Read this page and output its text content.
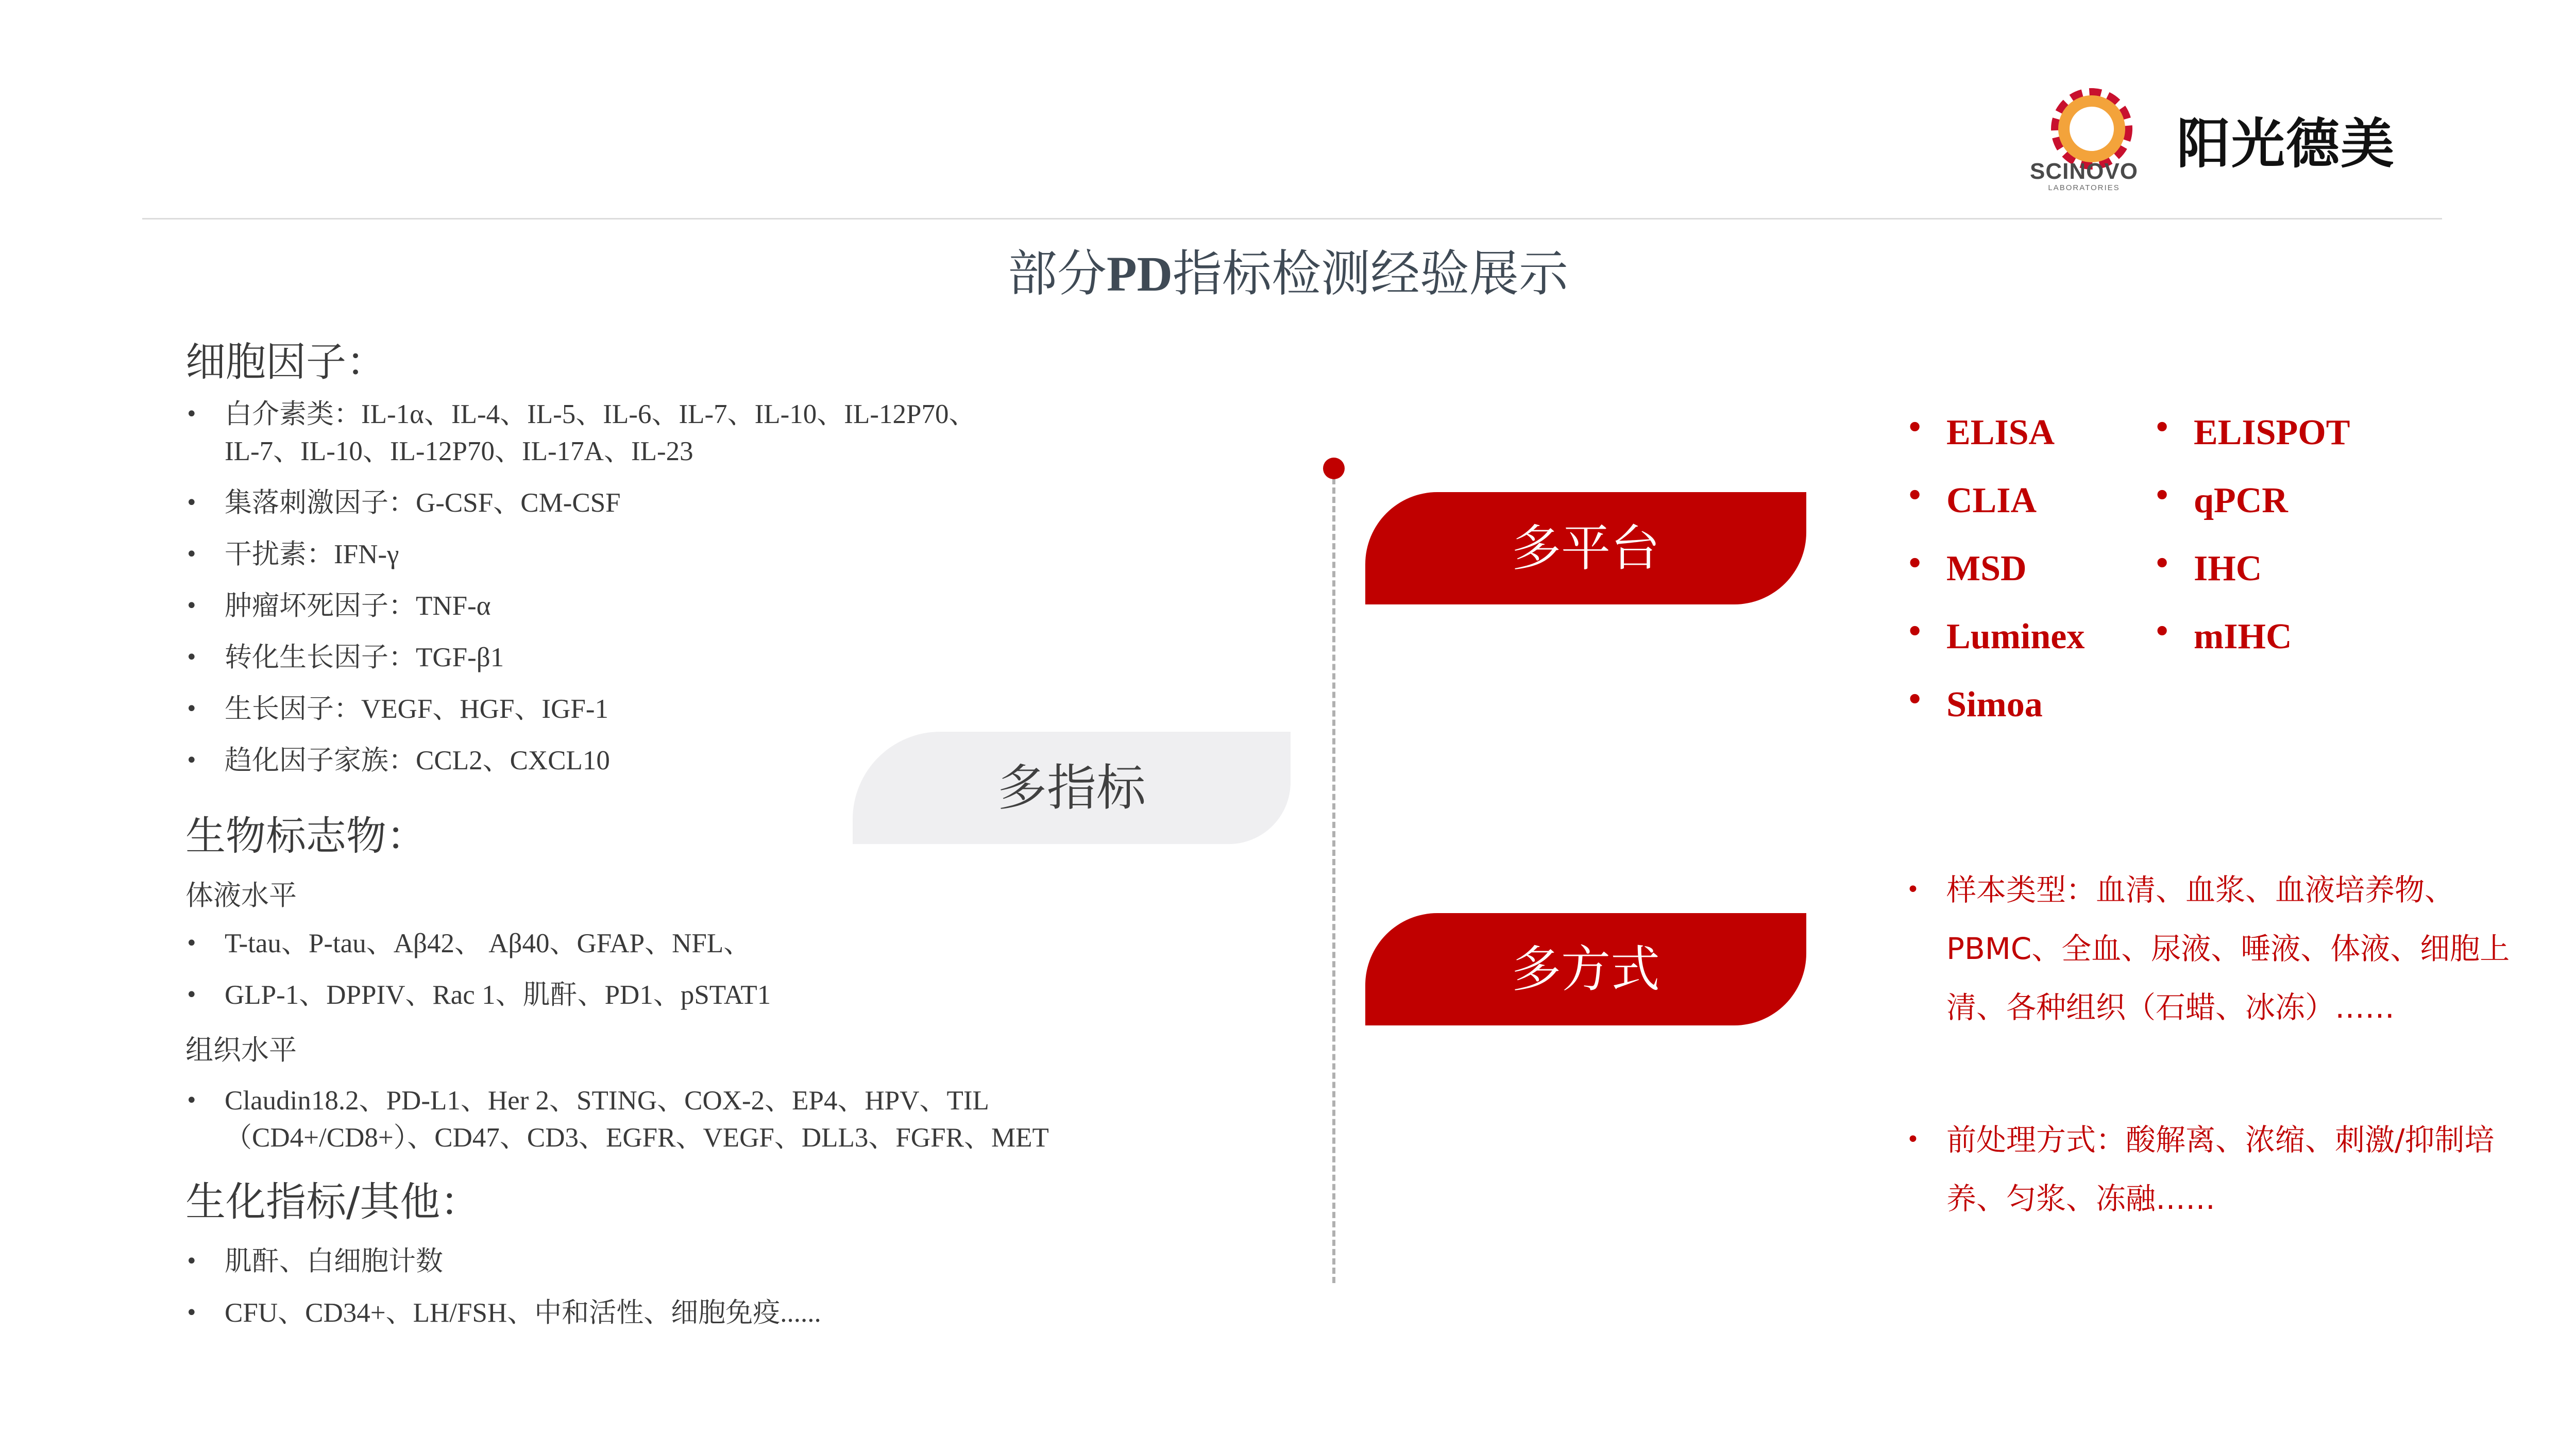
SCINOVO
LABORATORIES
阳光德美
部分PD指标检测经验展示
细胞因子：
• 白介素类：IL-1α、IL-4、IL-5、IL-6、IL-7、IL-10、IL-12P70、IL-7、IL-10、IL-12P70、IL-17A、IL-23
• 集落刺激因子：G-CSF、CM-CSF
• 干扰素：IFN-γ
• 肿瘤坏死因子：TNF-α
• 转化生长因子：TGF-β1
• 生长因子：VEGF、HGF、IGF-1
• 趋化因子家族：CCL2、CXCL10
生物标志物：
体液水平
• T-tau、P-tau、Aβ42、 Aβ40、GFAP、NFL、
• GLP-1、DPPIV、Rac 1、肌酐、PD1、pSTAT1
组织水平
• Claudin18.2、PD-L1、Her 2、STING、COX-2、EP4、HPV、TIL（CD4+/CD8+）、CD47、CD3、EGFR、VEGF、DLL3、FGFR、MET
生化指标/其他：
• 肌酐、白细胞计数
• CFU、CD34+、LH/FSH、中和活性、细胞免疫......
多指标
多平台
多方式
• ELISA
• CLIA
• MSD
• Luminex
• Simoa
• ELISPOT
• qPCR
• IHC
• mIHC
• 样本类型：血清、血浆、血液培养物、PBMC、全血、尿液、唾液、体液、细胞上清、各种组织（石蜡、冰冻）……
• 前处理方式：酸解离、浓缩、刺激/抑制培养、匀浆、冻融……
